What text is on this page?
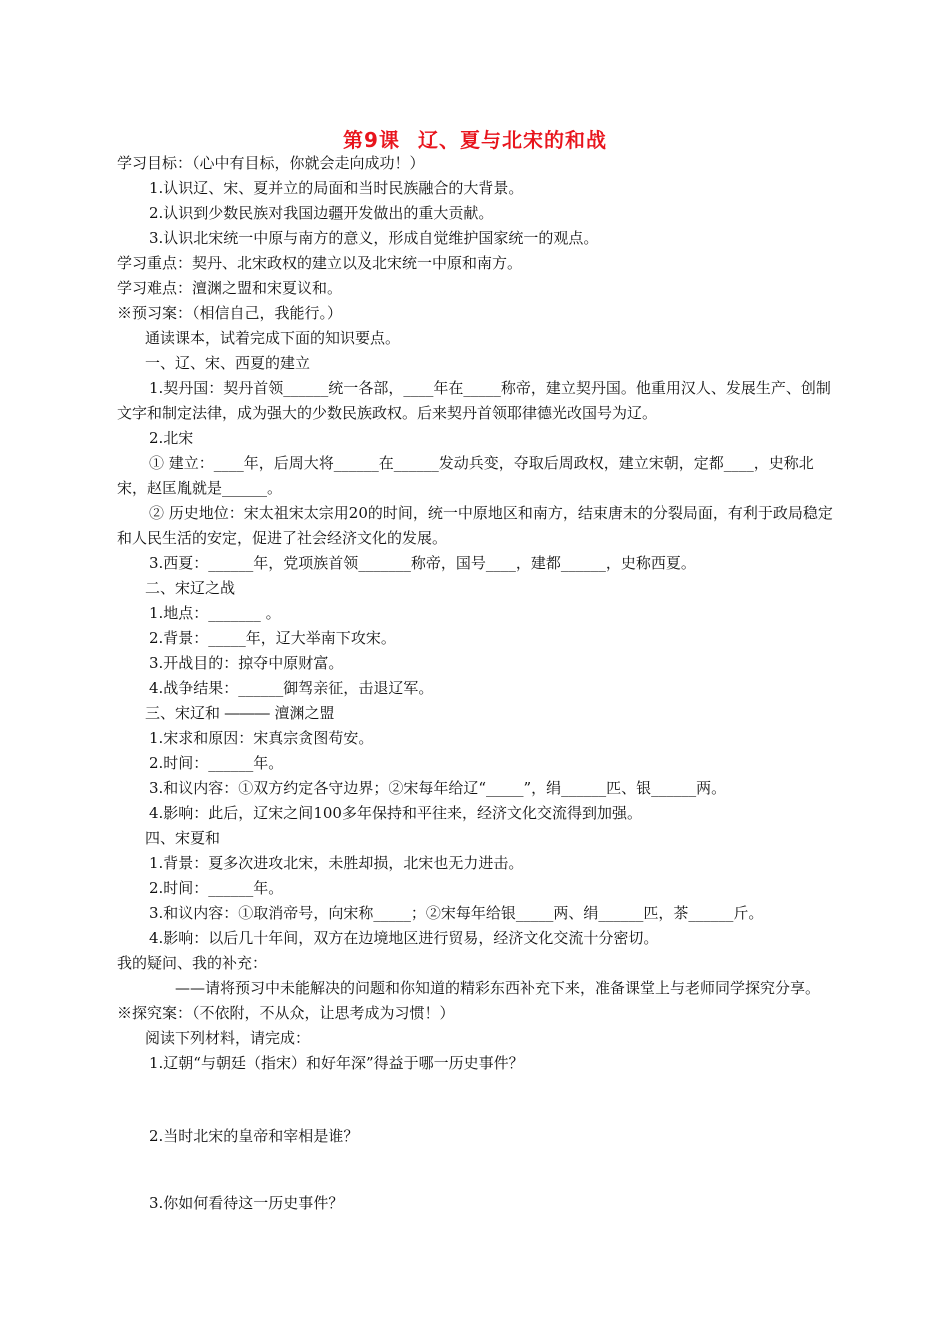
第9课 辽、夏与北宋的和战
学习目标：（心中有目标，你就会走向成功！）
1.认识辽、宋、夏并立的局面和当时民族融合的大背景。
2.认识到少数民族对我国边疆开发做出的重大贡献。
3.认识北宋统一中原与南方的意义，形成自觉维护国家统一的观点。
学习重点：契丹、北宋政权的建立以及北宋统一中原和南方。
学习难点：澶渊之盟和宋夏议和。
※预习案：（相信自己，我能行。）
通读课本，试着完成下面的知识要点。
一、辽、宋、西夏的建立
1.契丹国：契丹首领______统一各部，____年在_____称帝，建立契丹国。他重用汉人、发展生产、创制文字和制定法律，成为强大的少数民族政权。后来契丹首领耶律德光改国号为辽。
2.北宋
① 建立：____年，后周大将______在______发动兵变，夺取后周政权，建立宋朝，定都____，史称北宋，赵匡胤就是______。
② 历史地位：宋太祖宋太宗用20的时间，统一中原地区和南方，结束唐末的分裂局面，有利于政局稳定和人民生活的安定，促进了社会经济文化的发展。
3.西夏：______年，党项族首领_______称帝，国号____，建都______，史称西夏。
二、宋辽之战
1.地点：_______ 。
2.背景：_____年，辽大举南下攻宋。
3.开战目的：掠夺中原财富。
4.战争结果：______御驾亲征，击退辽军。
三、宋辽和 ――― 澶渊之盟
1.宋求和原因：宋真宗贪图苟安。
2.时间：______年。
3.和议内容：①双方约定各守边界；②宋每年给辽“_____”，绢______匹、银______两。
4.影响：此后，辽宋之间100多年保持和平往来，经济文化交流得到加强。
四、宋夏和
1.背景：夏多次进攻北宋，未胜却损，北宋也无力进击。
2.时间：______年。
3.和议内容：①取消帝号，向宋称_____；②宋每年给银_____两、绢______匹，茶______斤。
4.影响：以后几十年间，双方在边境地区进行贸易，经济文化交流十分密切。
我的疑问、我的补充：
——请将预习中未能解决的问题和你知道的精彩东西补充下来，准备课堂上与老师同学探究分享。
※探究案：（不依附，不从众，让思考成为习惯！）
阅读下列材料，请完成：
1.辽朝“与朝廷（指宋）和好年深”得益于哪一历史事件？
2.当时北宋的皇帝和宰相是谁？
3.你如何看待这一历史事件？
